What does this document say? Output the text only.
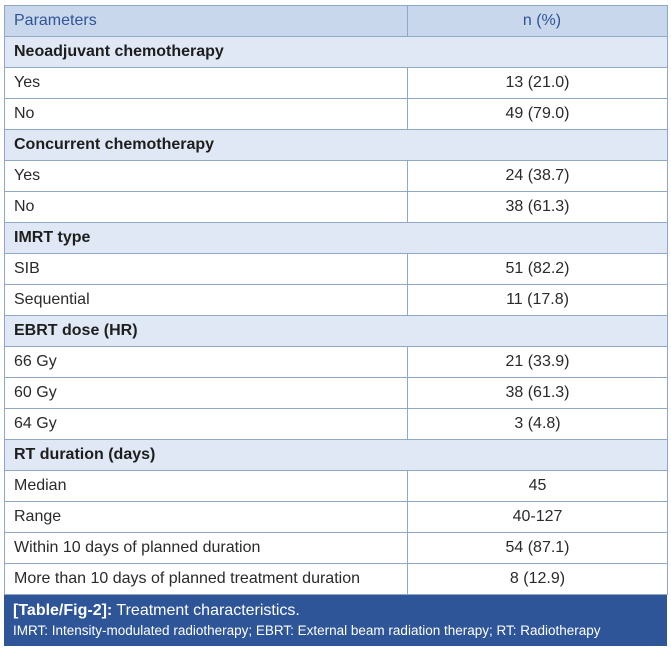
Parameters	n (%)
Neoadjuvant chemotherapy	
Yes	13 (21.0)
No	49 (79.0)
Concurrent chemotherapy	
Yes	24 (38.7)
No	38 (61.3)
IMRT type	
SIB	51 (82.2)
Sequential	11 (17.8)
EBRT dose (HR)	
66 Gy	21 (33.9)
60 Gy	38 (61.3)
64 Gy	3 (4.8)
RT duration (days)	
Median	45
Range	40-127
Within 10 days of planned duration	54 (87.1)
More than 10 days of planned treatment duration	8 (12.9)
[Table/Fig-2]: Treatment characteristics.
IMRT: Intensity-modulated radiotherapy; EBRT: External beam radiation therapy; RT: Radiotherapy
